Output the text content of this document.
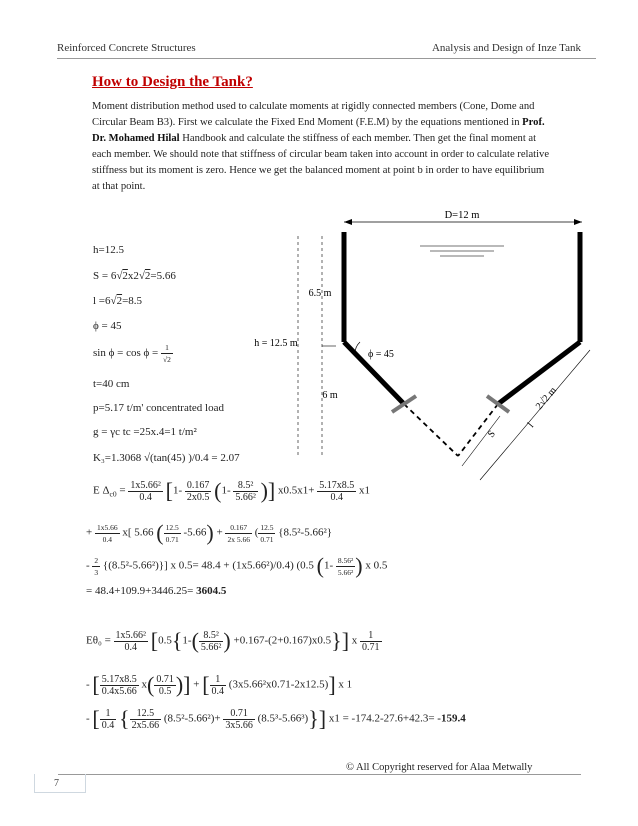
Reinforced Concrete Structures	Analysis and Design of Inze Tank
How to Design the Tank?
Moment distribution method used to calculate moments at rigidly connected members (Cone, Dome and Circular Beam B3). First we calculate the Fixed End Moment (F.E.M) by the equations mentioned in Prof. Dr. Mohamed Hilal Handbook and calculate the stiffness of each member. Then get the final moment at each member. We should note that stiffness of circular beam taken into account in order to calculate relative stiffness but its moment is zero. Hence we get the balanced moment at point b in order to have equilibrium at that point.
h=12.5
S = 6√2x2√2=5.66
l =6√2=8.5
ϕ = 45
$\sin \phi = \cos \phi = \frac{1}{√2}$
t=40 cm
p=5.17 t/m' concentrated load
g = γc tc =25x.4=1 t/m²
K₃=1.3068 √(tan(45) )/0.4 = 2.07
D=12 m
h = 12.5 m
6.5 m
6 m
ϕ = 45
S
l
2√2 m
E $\Delta_{c0} = \frac{\text{1x5.66²}}{0.4} [1- \frac{0.167}{2x0.5} (1- \frac{\text{8.5²}}{\text{5.66²}}$ )] $x0.5x1+ \frac{5.17x8.5}{0.4} x1$
+ $\frac{1x5.66}{0.4} x$[ 5.66 ( $\frac{12.5}{0.71} -5.66) + \frac{0.167}{2x 5.66}$ ( $\frac{12.5}{0.71} \{8.5^2-5.66^2\}$
- $\frac{2}{3} \{(8.5^2-5.66^2)\}$] x 0.5= 48.4 + (1x5.66²)/0.4) (0.5 ($1- \frac{\text{8.56²}}{\text{5.66²}}$ ) x 0.5
= 48.4+109.9+3446.25= 3604.5
$E\theta_0 = \frac{\text{1x5.66²}}{0.4} [0.5\{1-( \frac{\text{8.5²}}{\text{5.66²}}$ ) +0.167-(2+0.167)x0.5}] x $\frac{1}{0.71}$
- [ $\frac{5.17x8.5}{0.4x5.66} x( \frac{0.71}{0.5}$ )] + [ $\frac{1}{0.4} (3x5.66^2x0.71-2x12.5)$] x 1
- [ $\frac{1}{0.4}$ { $\frac{12.5}{2x5.66} (8.5^2-5.66^2)+ \frac{0.71}{3x5.66} (8.5^3-5.66^3)$}] x1 = -174.2-27.6+42.3= -159.4
© All Copyright reserved for Alaa Metwally
7
